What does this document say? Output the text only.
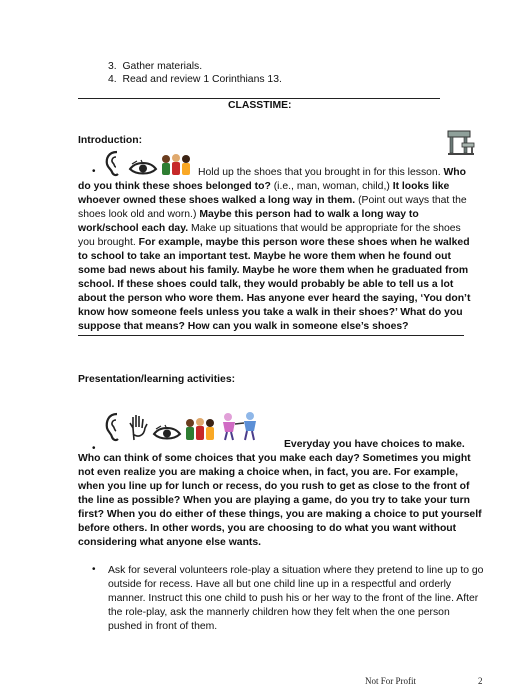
3. Gather materials.
4. Read and review 1 Corinthians 13.
CLASSTIME:
Introduction:
•	Hold up the shoes that you brought in for this lesson. Who do you think these shoes belonged to? (i.e., man, woman, child,) It looks like whoever owned these shoes walked a long way in them. (Point out ways that the shoes look old and worn.) Maybe this person had to walk a long way to work/school each day. Make up situations that would be appropriate for the shoes you brought. For example, maybe this person wore these shoes when he walked to school to take an important test. Maybe he wore them when he found out some bad news about his family. Maybe he wore them when he graduated from school. If these shoes could talk, they would probably be able to tell us a lot about the person who wore them. Has anyone ever heard the saying, ‘You don’t know how someone feels unless you take a walk in their shoes?’ What do you suppose that means? How can you walk in someone else’s shoes?

Presentation/learning activities:
•	Everyday you have choices to make. Who can think of some choices that you make each day? Sometimes you might not even realize you are making a choice when, in fact, you are. For example, when you line up for lunch or recess, do you rush to get as close to the front of the line as possible? When you are playing a game, do you try to take your turn first? When you do either of these things, you are making a choice to put yourself before others. In other words, you are choosing to do what you want without considering what anyone else wants.

• Ask for several volunteers role-play a situation where they pretend to line up to go outside for recess. Have all but one child line up in a respectful and orderly manner. Instruct this one child to push his or her way to the front of the line. After the role-play, ask the mannerly children how they felt when the one person pushed in front of them.

Not For Profit	2
